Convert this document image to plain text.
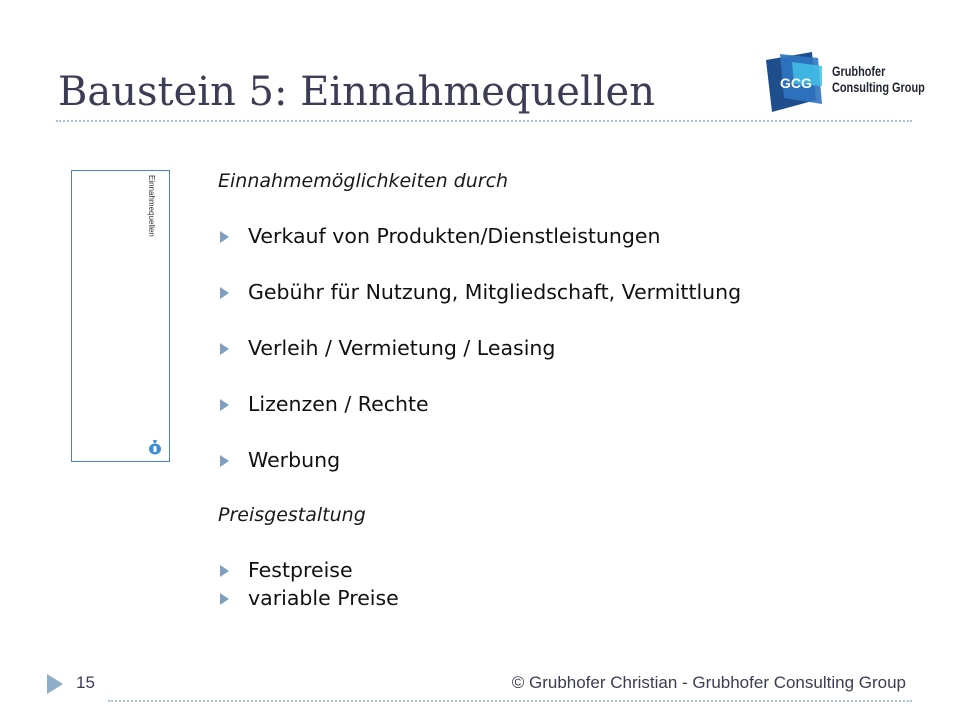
Baustein 5: Einnahmequellen	GCG
Grubhofer
Consulting Group
Einnahmequellen	Einnahmemöglichkeiten durch
Verkauf von Produkten/Dienstleistungen
Gebühr für Nutzung, Mitgliedschaft, Vermittlung
Verleih / Vermietung / Leasing
Lizenzen / Rechte
Werbung
Preisgestaltung
Festpreise
variable Preise
15	© Grubhofer Christian - Grubhofer Consulting Group
